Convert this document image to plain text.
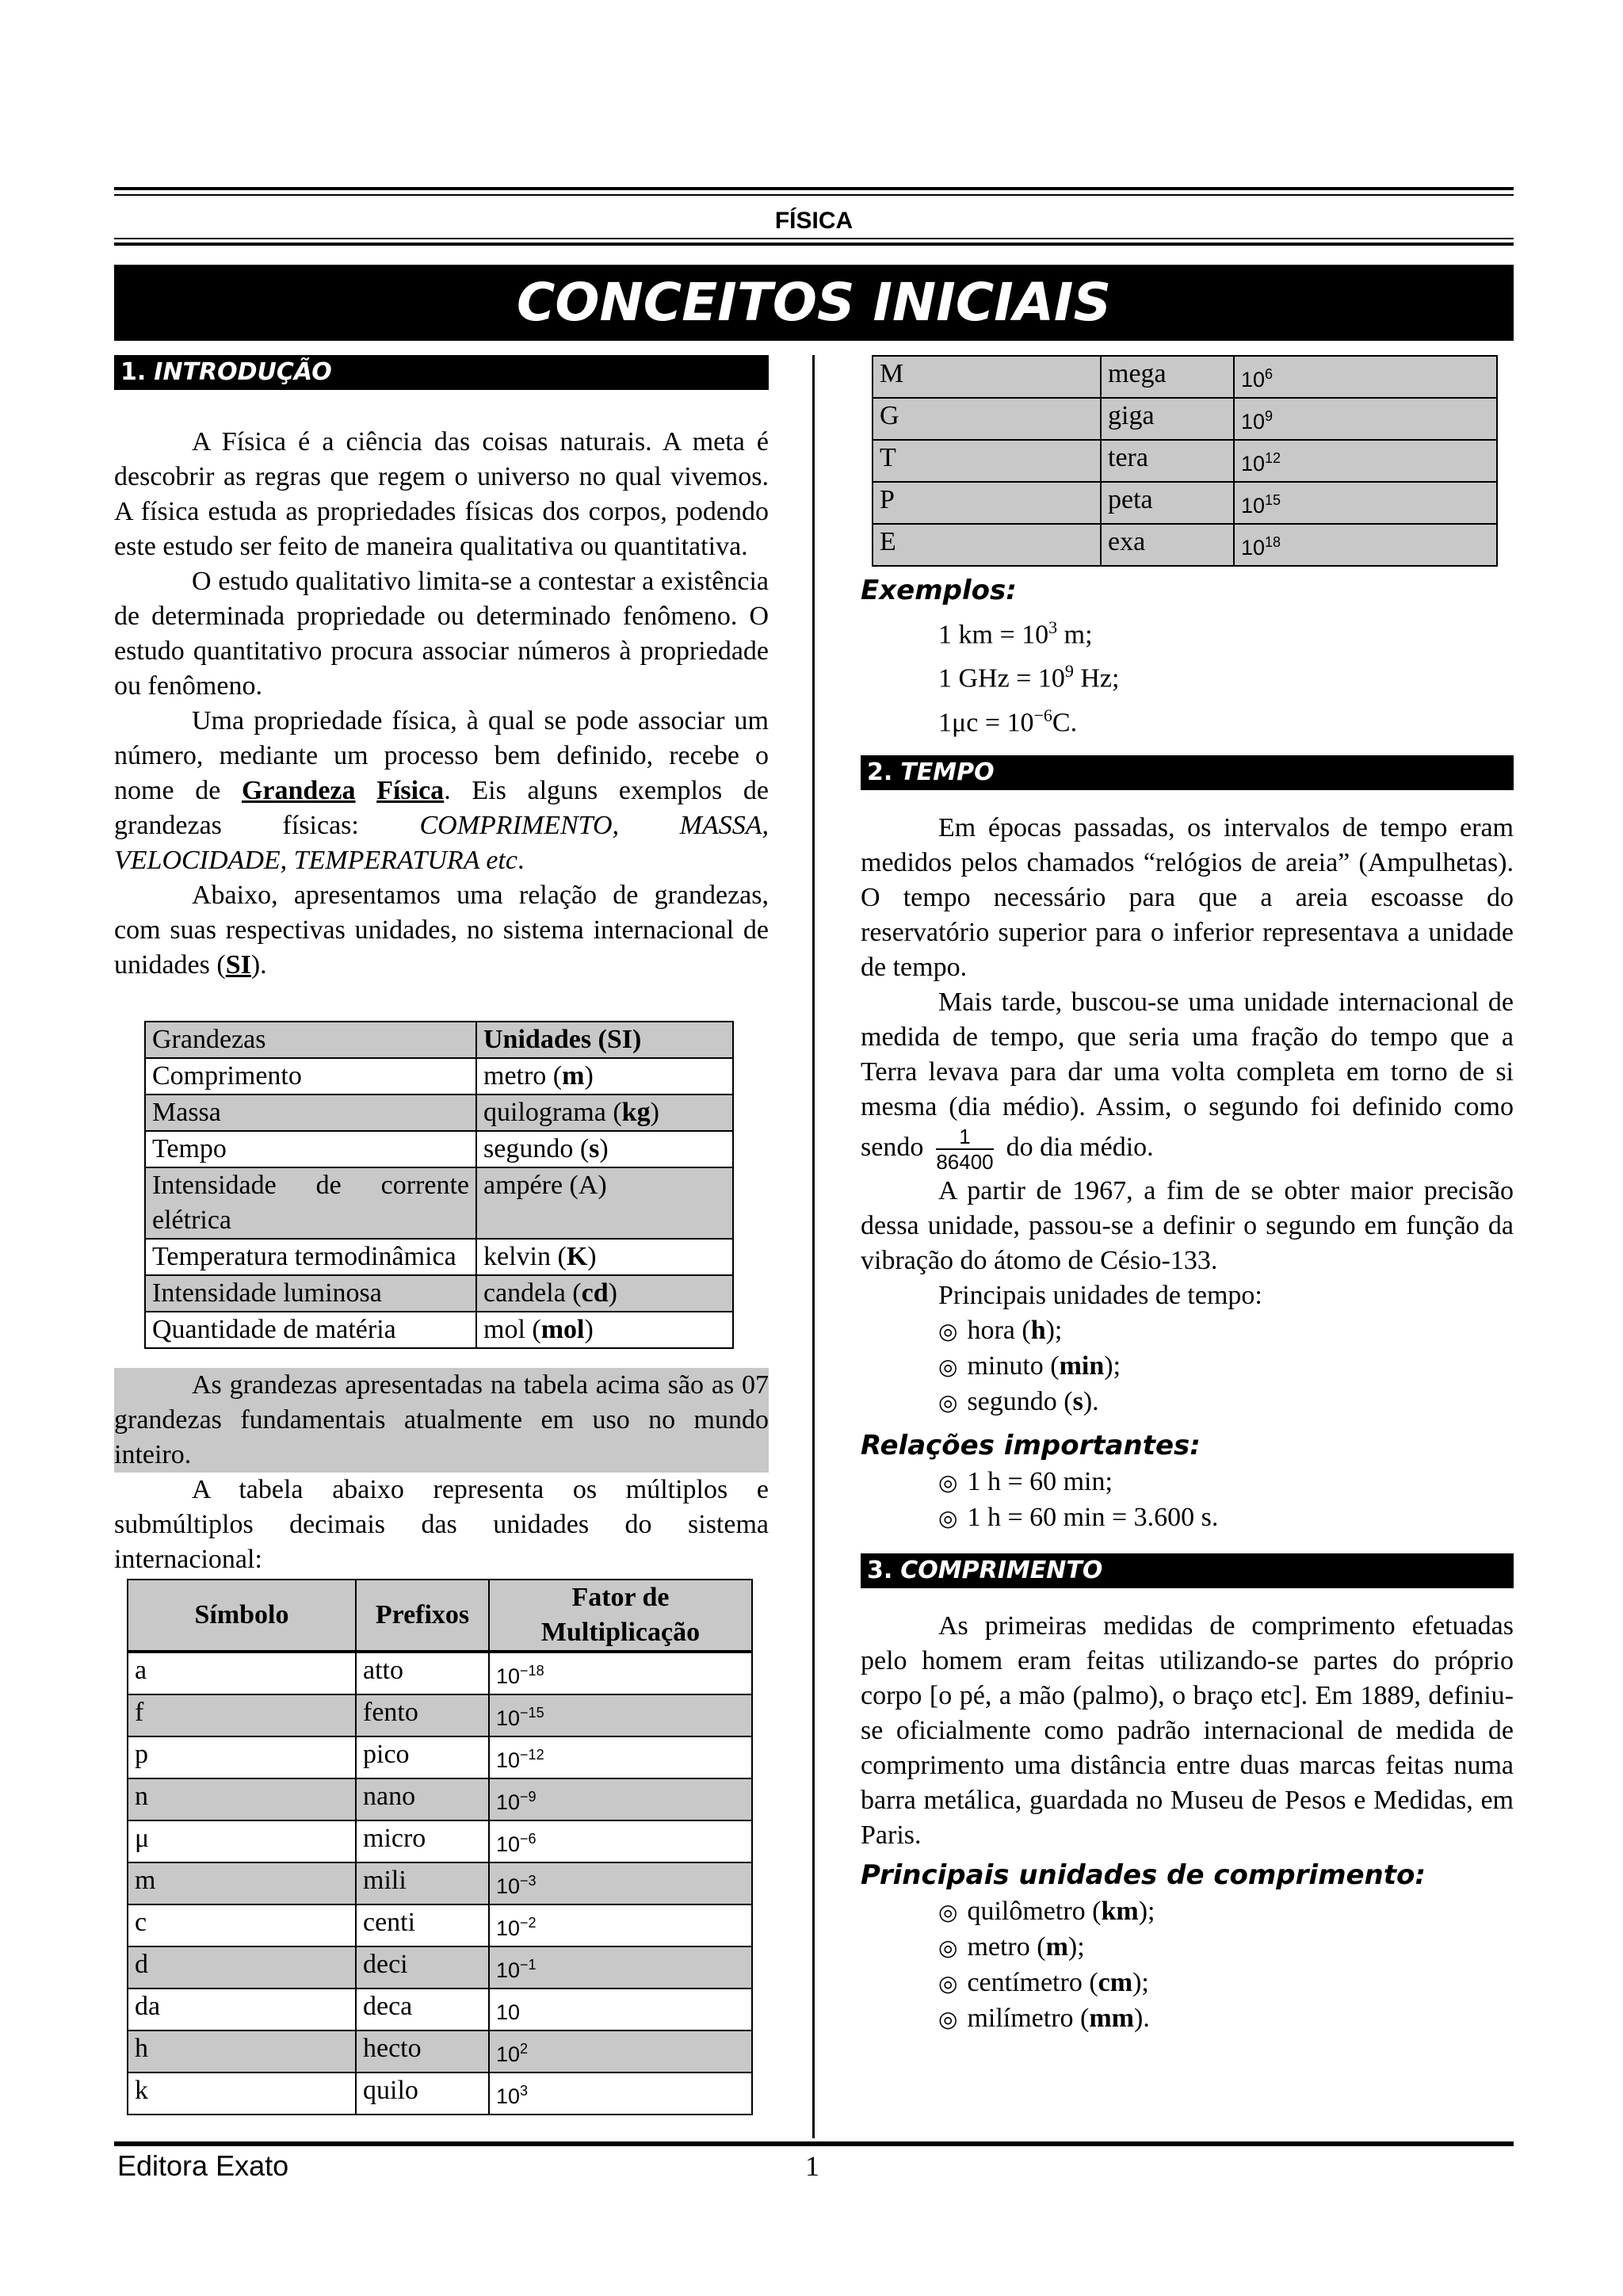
FÍSICA
CONCEITOS INICIAIS
1. INTRODUÇÃO

A Física é a ciência das coisas naturais. A meta é descobrir as regras que regem o universo no qual vivemos. A física estuda as propriedades físicas dos corpos, podendo este estudo ser feito de maneira qualitativa ou quantitativa.

O estudo qualitativo limita-se a contestar a existência de determinada propriedade ou determinado fenômeno. O estudo quantitativo procura associar números à propriedade ou fenômeno.

Uma propriedade física, à qual se pode associar um número, mediante um processo bem definido, recebe o nome de Grandeza Física. Eis alguns exemplos de grandezas físicas: COMPRIMENTO, MASSA, VELOCIDADE, TEMPERATURA etc.

Abaixo, apresentamos uma relação de grandezas, com suas respectivas unidades, no sistema internacional de unidades (SI).

Grandezas	Unidades (SI)
Comprimento	metro (m)
Massa	quilograma (kg)
Tempo	segundo (s)
Intensidade de corrente elétrica	ampére (A)
Temperatura termodinâmica	kelvin (K)
Intensidade luminosa	candela (cd)
Quantidade de matéria	mol (mol)

As grandezas apresentadas na tabela acima são as 07 grandezas fundamentais atualmente em uso no mundo inteiro.

A tabela abaixo representa os múltiplos e submúltiplos decimais das unidades do sistema internacional:

Símbolo	Prefixos	Fator de Multiplicação
a	atto	$10^{-18}$
f	fento	$10^{-15}$
p	pico	$10^{-12}$
n	nano	$10^{-9}$
μ	micro	$10^{-6}$
m	mili	$10^{-3}$
c	centi	$10^{-2}$
d	deci	$10^{-1}$
da	deca	10
h	hecto	$10^2$
k	quilo	$10^3$
M	mega	$10^6$
G	giga	$10^9$
T	tera	$10^{12}$
P	peta	$10^{15}$
E	exa	$10^{18}$
Exemplos:
1 km = $10^3$ m;
1 GHz = $10^9$ Hz;
$1\mu c = 10^{-6}C$.
2. TEMPO

Em épocas passadas, os intervalos de tempo eram medidos pelos chamados “relógios de areia” (Ampulhetas). O tempo necessário para que a areia escoasse do reservatório superior para o inferior representava a unidade de tempo.

Mais tarde, buscou-se uma unidade internacional de medida de tempo, que seria uma fração do tempo que a Terra levava para dar uma volta completa em torno de si mesma (dia médio). Assim, o segundo foi definido como sendo $\frac{1}{86400}$ do dia médio.

A partir de 1967, a fim de se obter maior precisão dessa unidade, passou-se a definir o segundo em função da vibração do átomo de Césio-133.

Principais unidades de tempo:

◎ hora (h);
◎ minuto (min);
◎ segundo (s).
Relações importantes:
◎ 1 h = 60 min;
◎ 1 h = 60 min = 3.600 s.
3. COMPRIMENTO

As primeiras medidas de comprimento efetuadas pelo homem eram feitas utilizando-se partes do próprio corpo [o pé, a mão (palmo), o braço etc]. Em 1889, definiu-se oficialmente como padrão internacional de medida de comprimento uma distância entre duas marcas feitas numa barra metálica, guardada no Museu de Pesos e Medidas, em Paris.

Principais unidades de comprimento:
◎ quilômetro (km);
◎ metro (m);
◎ centímetro (cm);
◎ milímetro (mm).
Editora Exato	1
